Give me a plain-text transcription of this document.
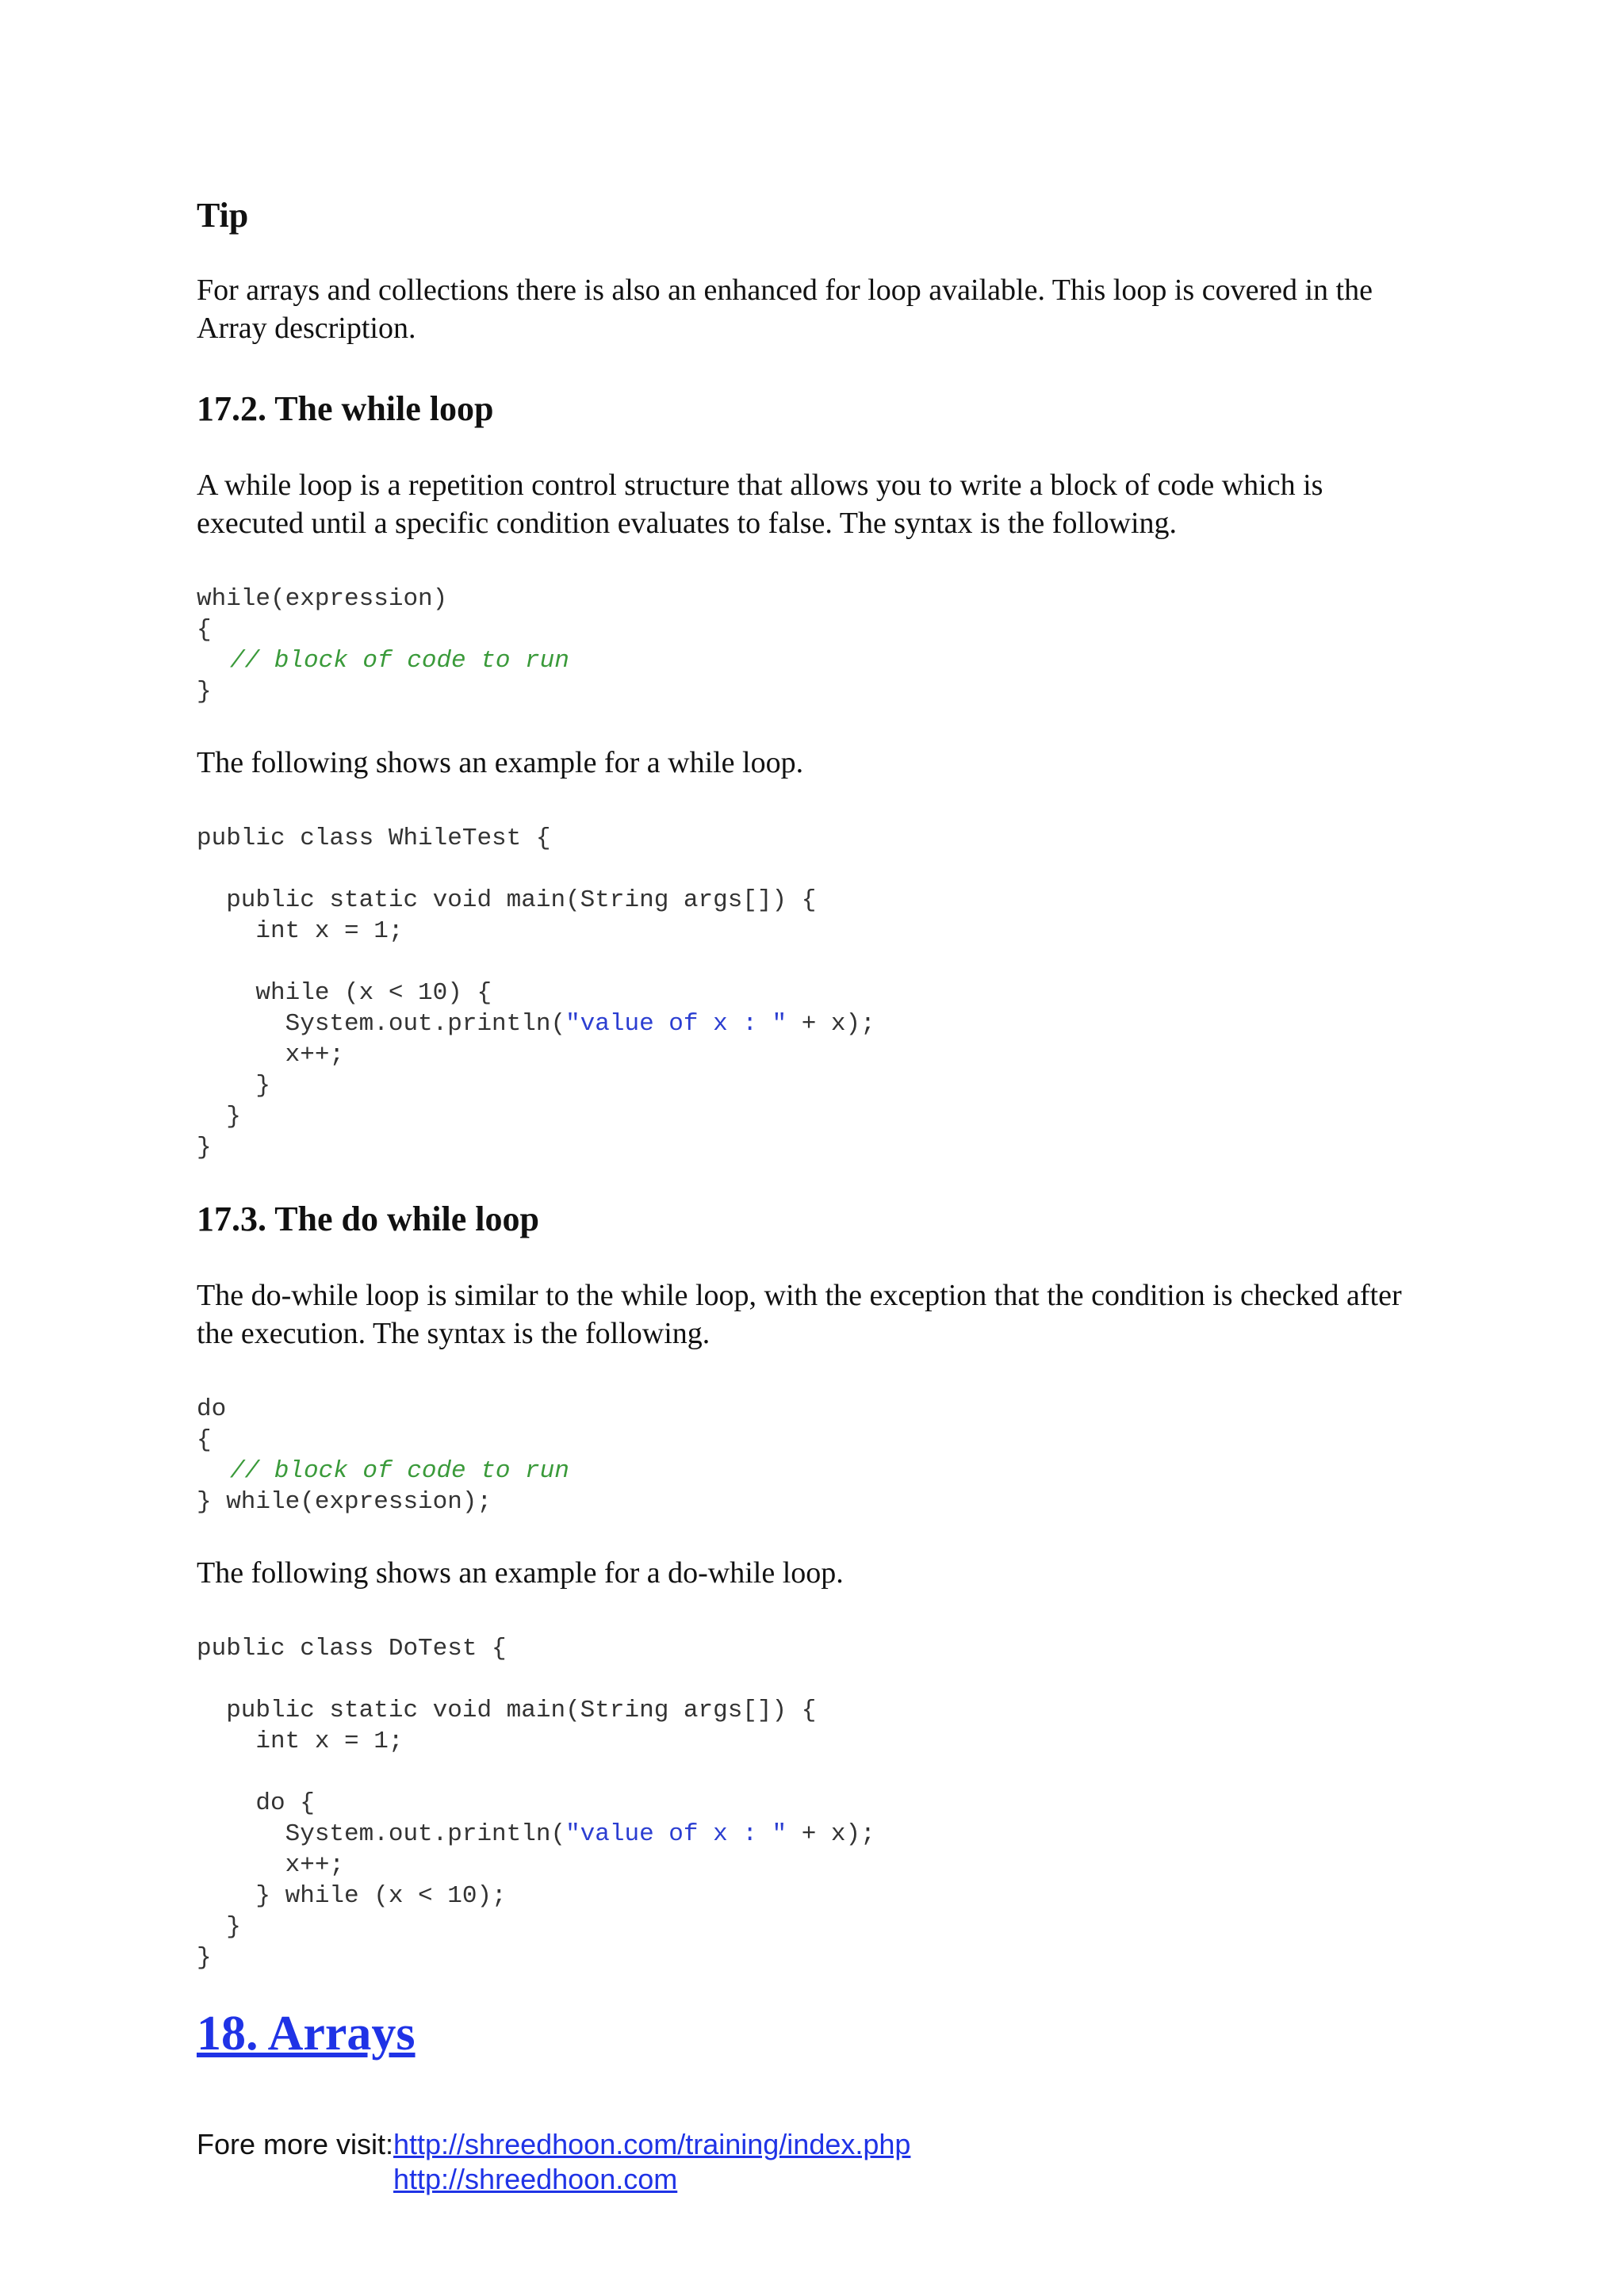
Tip
For arrays and collections there is also an enhanced for loop available. This loop is covered in the Array description.
17.2. The while loop
A while loop is a repetition control structure that allows you to write a block of code which is executed until a specific condition evaluates to false. The syntax is the following.
while(expression)
{
// block of code to run
}
The following shows an example for a while loop.
public class WhileTest {
public static void main(String args[]) {
int x = 1;
while (x < 10) {
System.out.println("value of x : " + x);
x++;
}
}
}
17.3. The do while loop
The do-while loop is similar to the while loop, with the exception that the condition is checked after the execution. The syntax is the following.
do
{
// block of code to run
} while(expression);
The following shows an example for a do-while loop.
public class DoTest {
public static void main(String args[]) {
int x = 1;
do {
System.out.println("value of x : " + x);
x++;
} while (x < 10);
}
}
18. Arrays
Fore more visit: http://shreedhoon.com/training/index.php
http://shreedhoon.com
